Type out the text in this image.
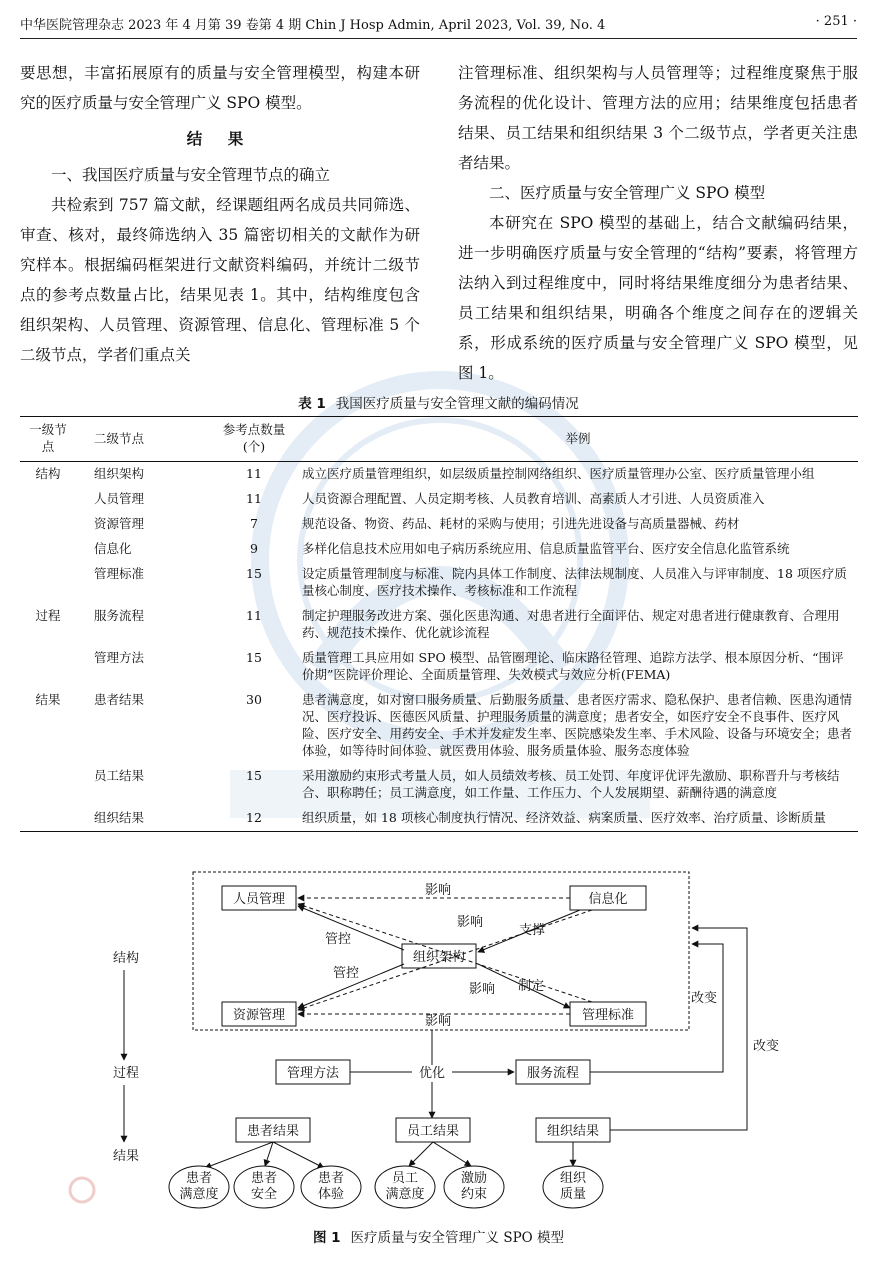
中华医院管理杂志 2023 年 4 月第 39 卷第 4 期 Chin J Hosp Admin, April 2023, Vol. 39, No. 4	· 251 ·

要思想，丰富拓展原有的质量与安全管理模型，构建本研究的医疗质量与安全管理广义 SPO 模型。

结 果

一、我国医疗质量与安全管理节点的确立

共检索到 757 篇文献，经课题组两名成员共同筛选、审查、核对，最终筛选纳入 35 篇密切相关的文献作为研究样本。根据编码框架进行文献资料编码，并统计二级节点的参考点数量占比，结果见表 1。其中，结构维度包含组织架构、人员管理、资源管理、信息化、管理标准 5 个二级节点，学者们重点关

注管理标准、组织架构与人员管理等；过程维度聚焦于服务流程的优化设计、管理方法的应用；结果维度包括患者结果、员工结果和组织结果 3 个二级节点，学者更关注患者结果。

二、医疗质量与安全管理广义 SPO 模型

本研究在 SPO 模型的基础上，结合文献编码结果，进一步明确医疗质量与安全管理的“结构”要素，将管理方法纳入到过程维度中，同时将结果维度细分为患者结果、员工结果和组织结果，明确各个维度之间存在的逻辑关系，形成系统的医疗质量与安全管理广义 SPO 模型，见图 1。

表 1 我国医疗质量与安全管理文献的编码情况
一级节点	二级节点	参考点数量(个)	举例
结构	组织架构	11	成立医疗质量管理组织，如层级质量控制网络组织、医疗质量管理办公室、医疗质量管理小组
	人员管理	11	人员资源合理配置、人员定期考核、人员教育培训、高素质人才引进、人员资质准入
	资源管理	7	规范设备、物资、药品、耗材的采购与使用；引进先进设备与高质量器械、药材
	信息化	9	多样化信息技术应用如电子病历系统应用、信息质量监管平台、医疗安全信息化监管系统
	管理标准	15	设定质量管理制度与标准、院内具体工作制度、法律法规制度、人员准入与评审制度、18 项医疗质量核心制度、医疗技术操作、考核标准和工作流程
过程	服务流程	11	制定护理服务改进方案、强化医患沟通、对患者进行全面评估、规定对患者进行健康教育、合理用药、规范技术操作、优化就诊流程
	管理方法	15	质量管理工具应用如 SPO 模型、品管圈理论、临床路径管理、追踪方法学、根本原因分析、“围评价期”医院评价理论、全面质量管理、失效模式与效应分析(FEMA)
结果	患者结果	30	患者满意度，如对窗口服务质量、后勤服务质量、患者医疗需求、隐私保护、患者信赖、医患沟通情况、医疗投诉、医德医风质量、护理服务质量的满意度；患者安全，如医疗安全不良事件、医疗风险、医疗安全、用药安全、手术并发症发生率、医院感染发生率、手术风险、设备与环境安全；患者体验，如等待时间体验、就医费用体验、服务质量体验、服务态度体验
	员工结果	15	采用激励约束形式考量人员，如人员绩效考核、员工处罚、年度评优评先激励、职称晋升与考核结合、职称聘任；员工满意度，如工作量、工作压力、个人发展期望、薪酬待遇的满意度
	组织结果	12	组织质量，如 18 项核心制度执行情况、经济效益、病案质量、医疗效率、治疗质量、诊断质量
结构
过程
结果
人员管理	信息化
组织架构
资源管理	管理标准
影响
影响
影响
影响
管控
管控
支撑
制定
管理方法	服务流程
优化
改变
改变
患者结果	员工结果	组织结果
患者
满意度
患者
安全
患者
体验
员工
满意度
激励
约束
组织
质量
图 1 医疗质量与安全管理广义 SPO 模型
